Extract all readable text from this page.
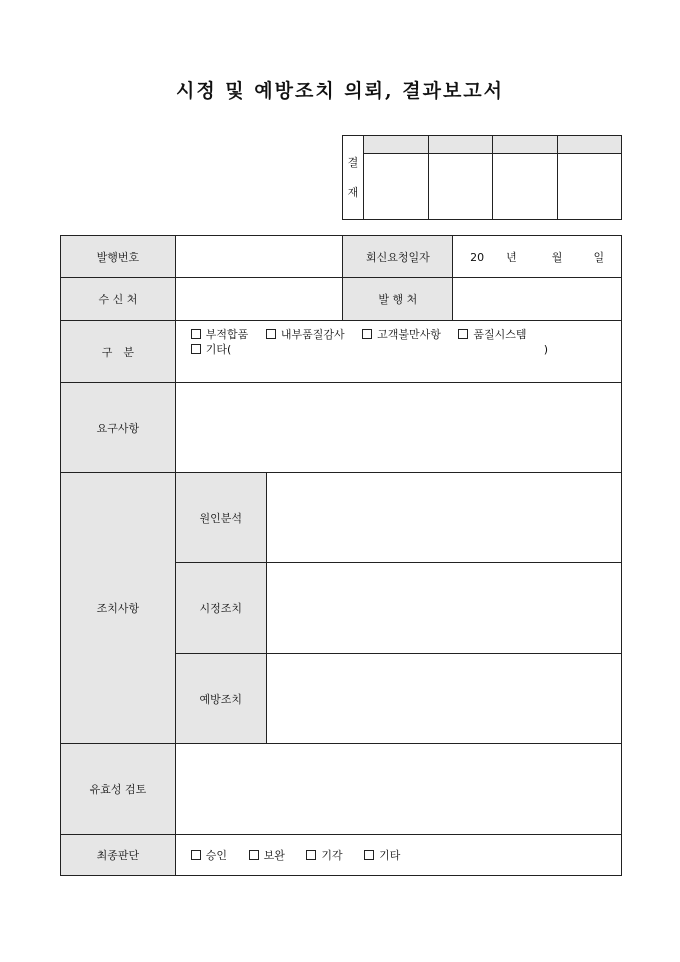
시정 및 예방조치 의뢰, 결과보고서
결
재				

발행번호			회신요청일자	20 년 월 일
수 신 처			발 행 처	
구　분	부적합품 내부품질감사 고객불만사항 품질시스템
기타( )			

요구사항				
조치사항	원인분석			
	시정조치			
	예방조치			
유효성 검토				
최종판단	승인 보완 기각 기타			
